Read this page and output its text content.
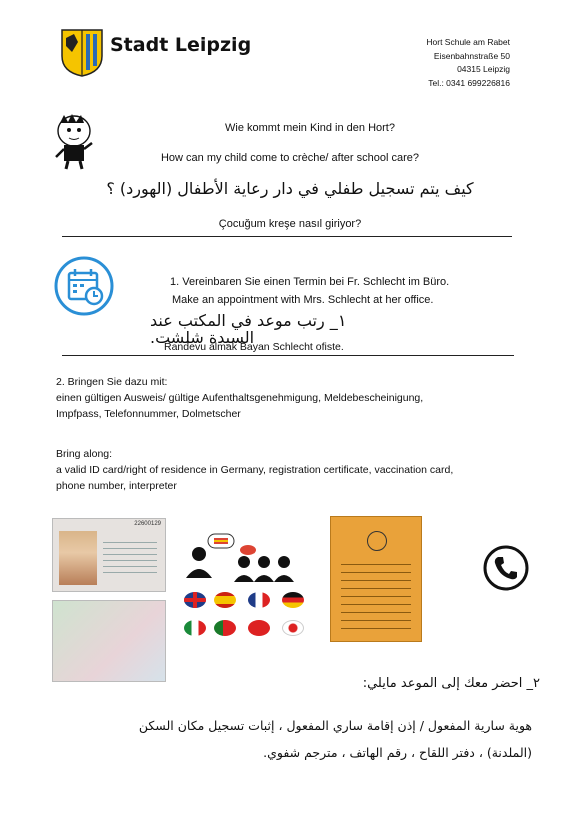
Stadt Leipzig	Hort Schule am Rabet
Eisenbahnstraße 50
04315 Leipzig
Tel.: 0341 699226816
Wie kommt mein Kind in den Hort?
How can my child come to crèche/ after school care?
كيف يتم تسجيل طفلي في دار رعاية الأطفال (الهورد) ؟
Çocuğum kreşe nasıl giriyor?
1. Vereinbaren Sie einen Termin bei Fr. Schlecht im Büro.
Make an appointment with Mrs. Schlecht at her office.
١_ رتب موعد في المكتب عند السيدة شلشت.
Randevu almak Bayan Schlecht ofiste.
2. Bringen Sie dazu mit:
einen gültigen Ausweis/ gültige Aufenthaltsgenehmigung, Meldebescheinigung,
Impfpass, Telefonnummer, Dolmetscher
Bring along:
a valid ID card/right of residence in Germany, registration certificate, vaccination card,
phone number, interpreter
22600129
٢_ احضر معك إلى الموعد مايلي:
هوية سارية المفعول / إذن إقامة ساري المفعول ، إثبات تسجيل مكان السكن
(الملدنة) ، دفتر اللقاح ، رقم الهاتف ، مترجم شفوي.
